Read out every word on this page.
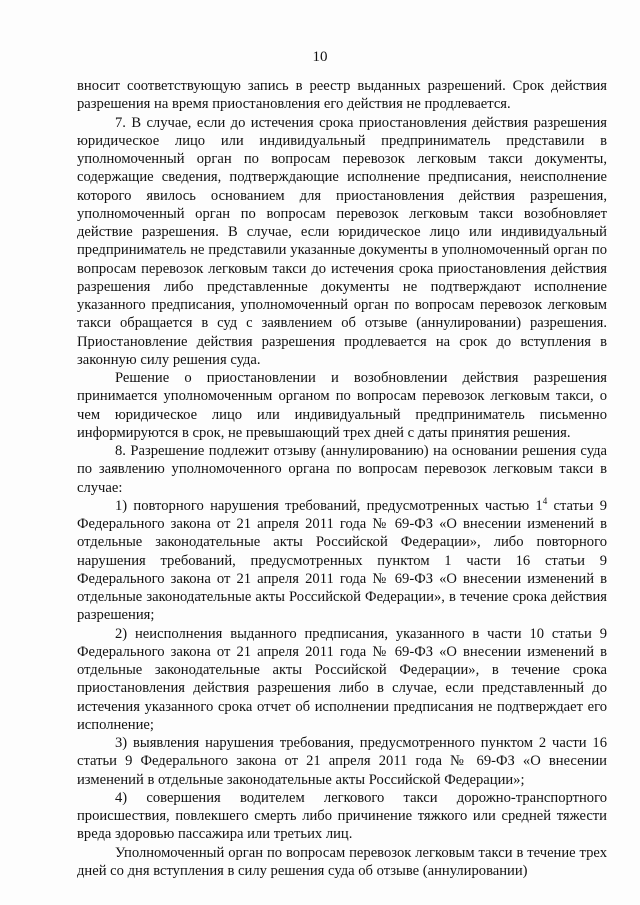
10

вносит соответствующую запись в реестр выданных разрешений. Срок действия разрешения на время приостановления его действия не продлевается.

7. В случае, если до истечения срока приостановления действия разрешения юридическое лицо или индивидуальный предприниматель представили в уполномоченный орган по вопросам перевозок легковым такси документы, содержащие сведения, подтверждающие исполнение предписания, неисполнение которого явилось основанием для приостановления действия разрешения, уполномоченный орган по вопросам перевозок легковым такси возобновляет действие разрешения. В случае, если юридическое лицо или индивидуальный предприниматель не представили указанные документы в уполномоченный орган по вопросам перевозок легковым такси до истечения срока приостановления действия разрешения либо представленные документы не подтверждают исполнение указанного предписания, уполномоченный орган по вопросам перевозок легковым такси обращается в суд с заявлением об отзыве (аннулировании) разрешения. Приостановление действия разрешения продлевается на срок до вступления в законную силу решения суда.

Решение о приостановлении и возобновлении действия разрешения принимается уполномоченным органом по вопросам перевозок легковым такси, о чем юридическое лицо или индивидуальный предприниматель письменно информируются в срок, не превышающий трех дней с даты принятия решения.

8. Разрешение подлежит отзыву (аннулированию) на основании решения суда по заявлению уполномоченного органа по вопросам перевозок легковым такси в случае:

1) повторного нарушения требований, предусмотренных частью $1^4$ статьи 9 Федерального закона от 21 апреля 2011 года № 69-ФЗ «О внесении изменений в отдельные законодательные акты Российской Федерации», либо повторного нарушения требований, предусмотренных пунктом 1 части 16 статьи 9 Федерального закона от 21 апреля 2011 года № 69-ФЗ «О внесении изменений в отдельные законодательные акты Российской Федерации», в течение срока действия разрешения;

2) неисполнения выданного предписания, указанного в части 10 статьи 9 Федерального закона от 21 апреля 2011 года № 69-ФЗ «О внесении изменений в отдельные законодательные акты Российской Федерации», в течение срока приостановления действия разрешения либо в случае, если представленный до истечения указанного срока отчет об исполнении предписания не подтверждает его исполнение;

3) выявления нарушения требования, предусмотренного пунктом 2 части 16 статьи 9 Федерального закона от 21 апреля 2011 года № 69-ФЗ «О внесении изменений в отдельные законодательные акты Российской Федерации»;

4) совершения водителем легкового такси дорожно-транспортного происшествия, повлекшего смерть либо причинение тяжкого или средней тяжести вреда здоровью пассажира или третьих лиц.

Уполномоченный орган по вопросам перевозок легковым такси в течение трех дней со дня вступления в силу решения суда об отзыве (аннулировании)
